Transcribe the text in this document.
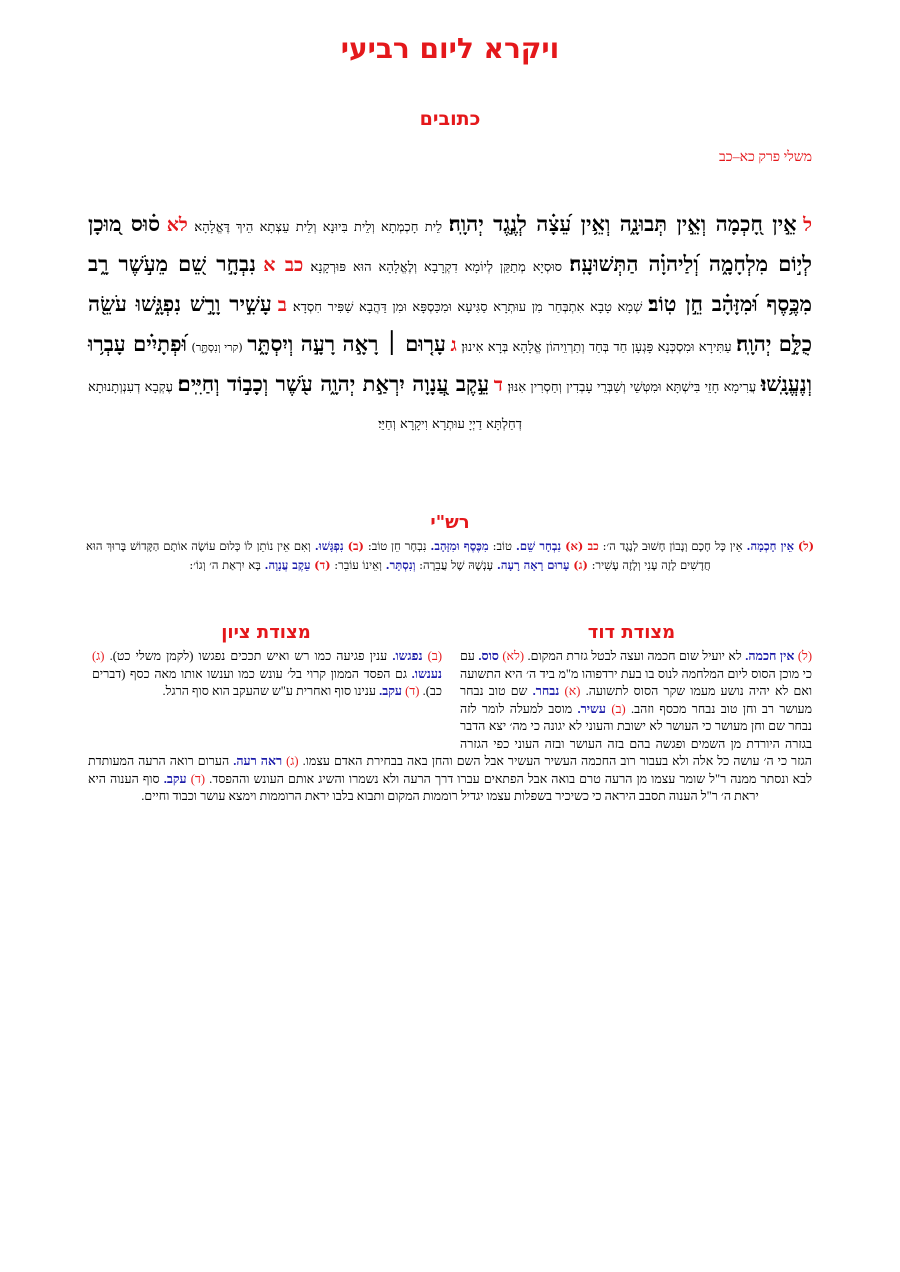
ויקרא ליום רביעי
כתובים
משלי פרק כא–כב
ל אֵ֣ין חָ֭כְמָה וְאֵ֣ין תְּבוּנָ֑ה וְאֵ֥ין עֵ֝צָ֗ה לְנֶ֣גֶד יְהוָֽה׃ לֵית חָכְמְתָא וְלֵית בִּיוּנָא וְלֵית עֵצְתָא הֵיךְ דֶּאֱלָהָא׃ לא ס֗וּס מ֭וּכָן לְי֣וֹם מִלְחָמָ֑ה וְ֝לַיהוָ֗ה הַתְּשׁוּעָֽה׃ סוּסְיָא מְתַקַּן לְיוֹמָא דִקְרָבָא וְלֶאֱלָהָא הוּא פּוּרְקָנָא׃ כב א נִבְחָ֣ר שֵׁ֭ם מֵעֹ֣שֶׁר רָ֑ב מִכֶּ֥סֶף וּ֝מִזָּהָ֗ב חֵ֣ן טֽוֹב׃ שְׁמָא טָבָא אִתְבְּחַר מִן עוּתְרָא סַגִּיעָא וּמִכַּסְפָּא וּמִן דַּהֲבָא שַׁפִּיר חִסְדָא׃ ב עָשִׁ֣יר וָרָ֣שׁ נִפְגָּ֑שׁוּ עֹשֵׂ֖ה כֻלָּ֣ם יְהוָֽה׃ עַתִּירָא וּמִסְכְּנָא פָּגְעָן חַד בְּחַד וְתַרְוֵיהוֹן אֱלָהָא בְּרָא אִינוּן׃ ג עָר֤וּם ׀ רָאָ֣ה רָעָ֣ה וְיִסְתָּ֑ר (קרי וְנִסְתָּ֑ר) וּ֝פְתָיִ֗ים עָבְר֥וּ וְנֶעֱנָֽשׁוּ׃ עֲרִימָא חָזֵי בִּישְׁתָּא וּמִטְּשֵׁי וְשַׁבְּרֵי עָבְדִין וְחַסְרִין אִנּוּן׃ ד עֵ֣קֶב עֲ֭נָוָה יִרְאַ֣ת יְהוָ֑ה עֹ֖שֶׁר וְכָב֣וֹד וְחַיִּֽים׃ עֶקְבָא דְעִנְוְתָנוּתָא דְחַלְתָּא דַיְיָ עוּתְרָא וִיקָרָא וְחַיֵּי׃
רש"י
(ל) אֵין חָכְמָה. אֵין כָּל חָכָם וְנָבוֹן חָשׁוּב לְנֶגֶד ה׳: כב (א) נִבְחָר שֵׁם. טוֹב: מִכֶּסֶף וּמִזָּהָב. נִבְחָר חֵן טוֹב: (ב) נִפְגָּשׁוּ. וְאִם אֵין נוֹתֵן לוֹ כְּלוּם עוֹשֶׂה אוֹתָם הַקָּדוֹשׁ בָּרוּךְ הוּא חֲדָשִׁים לָזֶה עָנִי וְלָזֶה עָשִׁיר: (ג) עָרוּם רָאָה רָעָה. עָנְשָׁהּ שֶׁל עֲבֵרָה: וְנִסְתָּר. וְאֵינוֹ עוֹבֵר: (ד) עֵקֶב עֲנָוָה. בָּא יִרְאַת ה׳ וְגוֹ׳:
מצודת דוד
מצודת ציון
(ב) נפגשו. ענין פגיעה כמו רש ואיש תככים נפגשו (לקמן משלי כט). (ג) נענשו. גם הפסד הממון קרוי בל׳ עונש כמו וענשו אותו מאה כסף (דברים כב). (ד) עקב. ענינו סוף ואחרית ע"ש שהעקב הוא סוף הרגל.
(ל) אין חכמה. לא יועיל שום חכמה ועצה לבטל גזרת המקום. (לא) סוס. עם כי מוכן הסוס ליום המלחמה לנוס בו בעת ירדפוהו מ"מ ביד ה׳ היא התשועה ואם לא יהיה נושע מעמו שקר הסוס לתשועה. (א) נבחר. שם טוב נבחר מעושר רב וחן טוב נבחר מכסף וזהב. (ב) עשיר. מוסב למעלה לומר לזה נבחר שם וחן מעושר כי העושר לא ישובת והעוני לא יגונה כי מה׳ יצא הדבר בגזרה היורדת מן השמים ופגשה בהם בזה העושר ובזה העוני כפי הגזרה הגזר כי ה׳ עושה כל אלה ולא בעבור רוב החכמה העשיר העשיר אבל השם והחן באה בבחירת האדם עצמו. (ג) ראה רעה. הערום רואה הרעה המעותדת לבא ונסתר ממנה ר"ל שומר עצמו מן הרעה טרם בואה אבל הפתאים עברו דרך הרעה ולא נשמרו והשיג אותם העונש וההפסד. (ד) עקב. סוף הענוה היא יראת ה׳ ר"ל הענוה תסבב היראה כי כשיכיר בשפלות עצמו יגדיל רוממות המקום ותבוא בלבו יראת הרוממות וימצא עושר וכבוד וחיים.
